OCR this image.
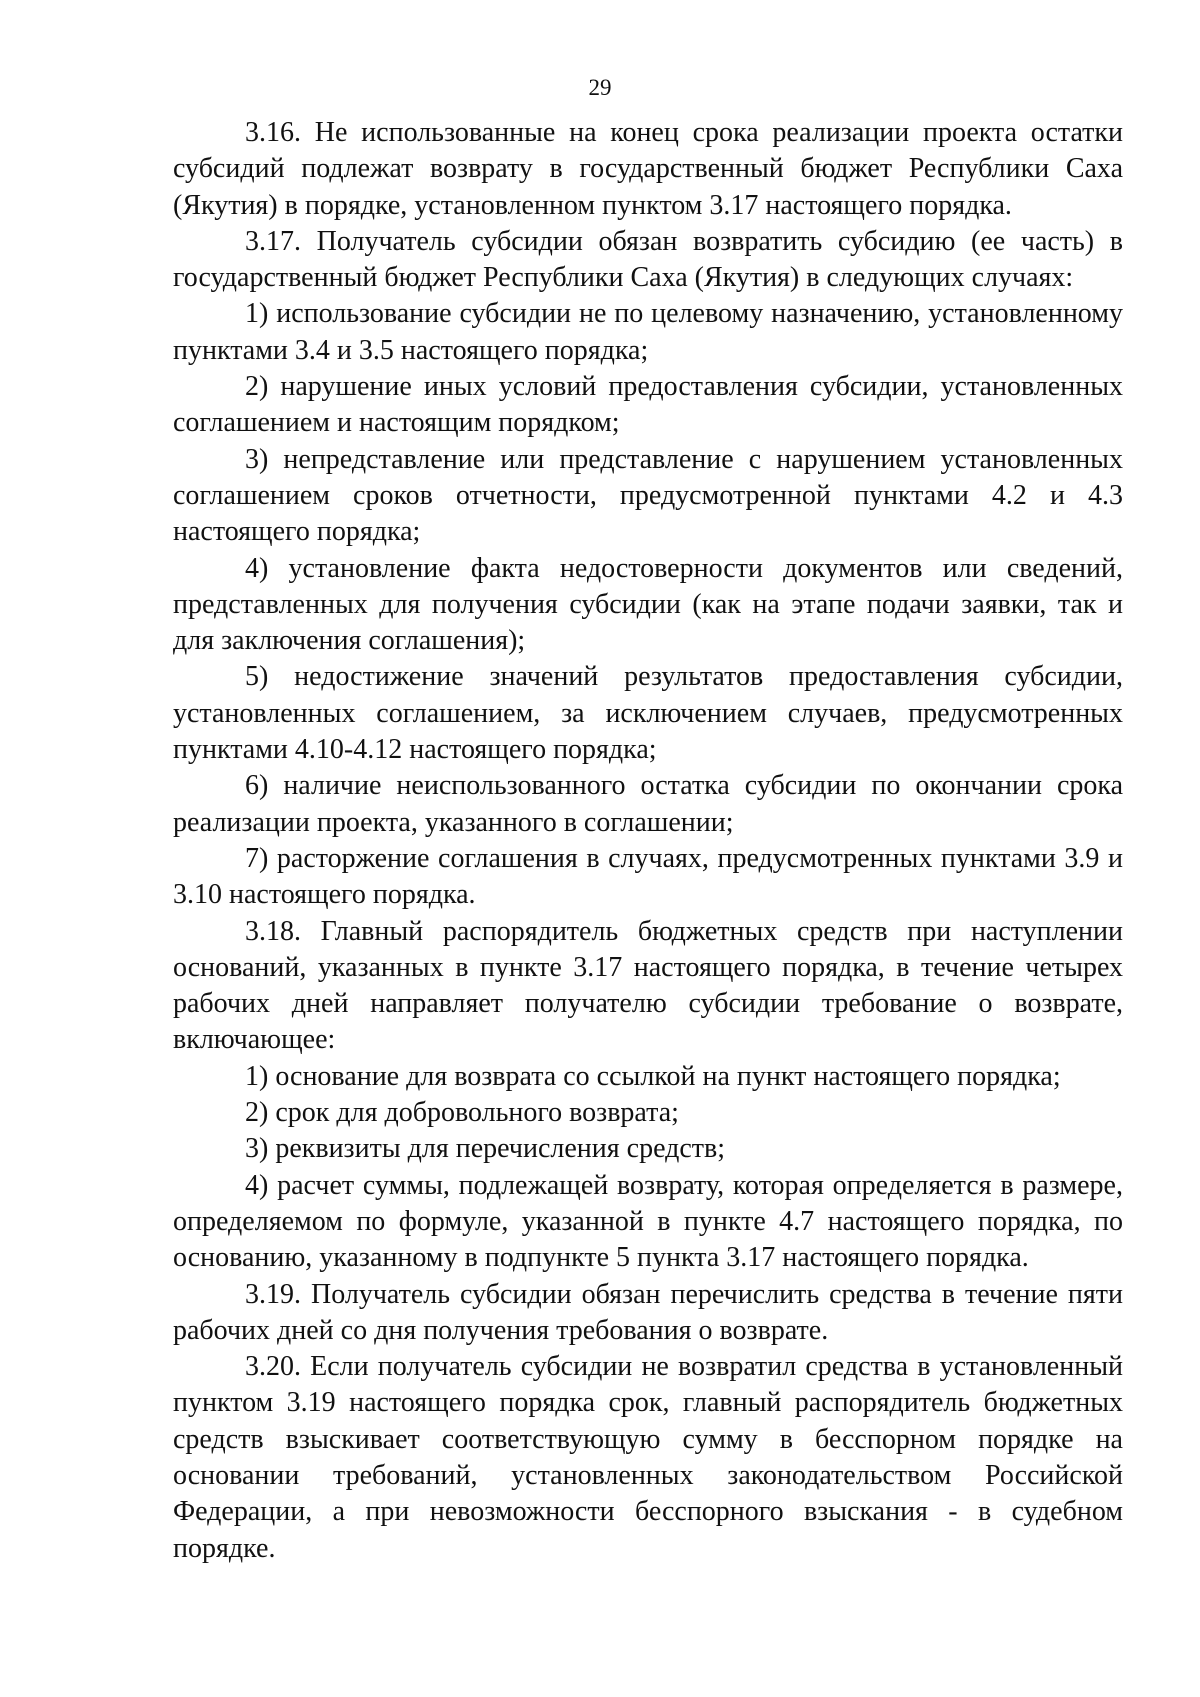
29

3.16. Не использованные на конец срока реализации проекта остатки субсидий подлежат возврату в государственный бюджет Республики Саха (Якутия) в порядке, установленном пунктом 3.17 настоящего порядка.

3.17. Получатель субсидии обязан возвратить субсидию (ее часть) в государственный бюджет Республики Саха (Якутия) в следующих случаях:

1) использование субсидии не по целевому назначению, установленному пунктами 3.4 и 3.5 настоящего порядка;

2) нарушение иных условий предоставления субсидии, установленных соглашением и настоящим порядком;

3) непредставление или представление с нарушением установленных соглашением сроков отчетности, предусмотренной пунктами 4.2 и 4.3 настоящего порядка;

4) установление факта недостоверности документов или сведений, представленных для получения субсидии (как на этапе подачи заявки, так и для заключения соглашения);

5) недостижение значений результатов предоставления субсидии, установленных соглашением, за исключением случаев, предусмотренных пунктами 4.10-4.12 настоящего порядка;

6) наличие неиспользованного остатка субсидии по окончании срока реализации проекта, указанного в соглашении;

7) расторжение соглашения в случаях, предусмотренных пунктами 3.9 и 3.10 настоящего порядка.

3.18. Главный распорядитель бюджетных средств при наступлении оснований, указанных в пункте 3.17 настоящего порядка, в течение четырех рабочих дней направляет получателю субсидии требование о возврате, включающее:

1) основание для возврата со ссылкой на пункт настоящего порядка;

2) срок для добровольного возврата;

3) реквизиты для перечисления средств;

4) расчет суммы, подлежащей возврату, которая определяется в размере, определяемом по формуле, указанной в пункте 4.7 настоящего порядка, по основанию, указанному в подпункте 5 пункта 3.17 настоящего порядка.

3.19. Получатель субсидии обязан перечислить средства в течение пяти рабочих дней со дня получения требования о возврате.

3.20. Если получатель субсидии не возвратил средства в установленный пунктом 3.19 настоящего порядка срок, главный распорядитель бюджетных средств взыскивает соответствующую сумму в бесспорном порядке на основании требований, установленных законодательством Российской Федерации, а при невозможности бесспорного взыскания - в судебном порядке.
